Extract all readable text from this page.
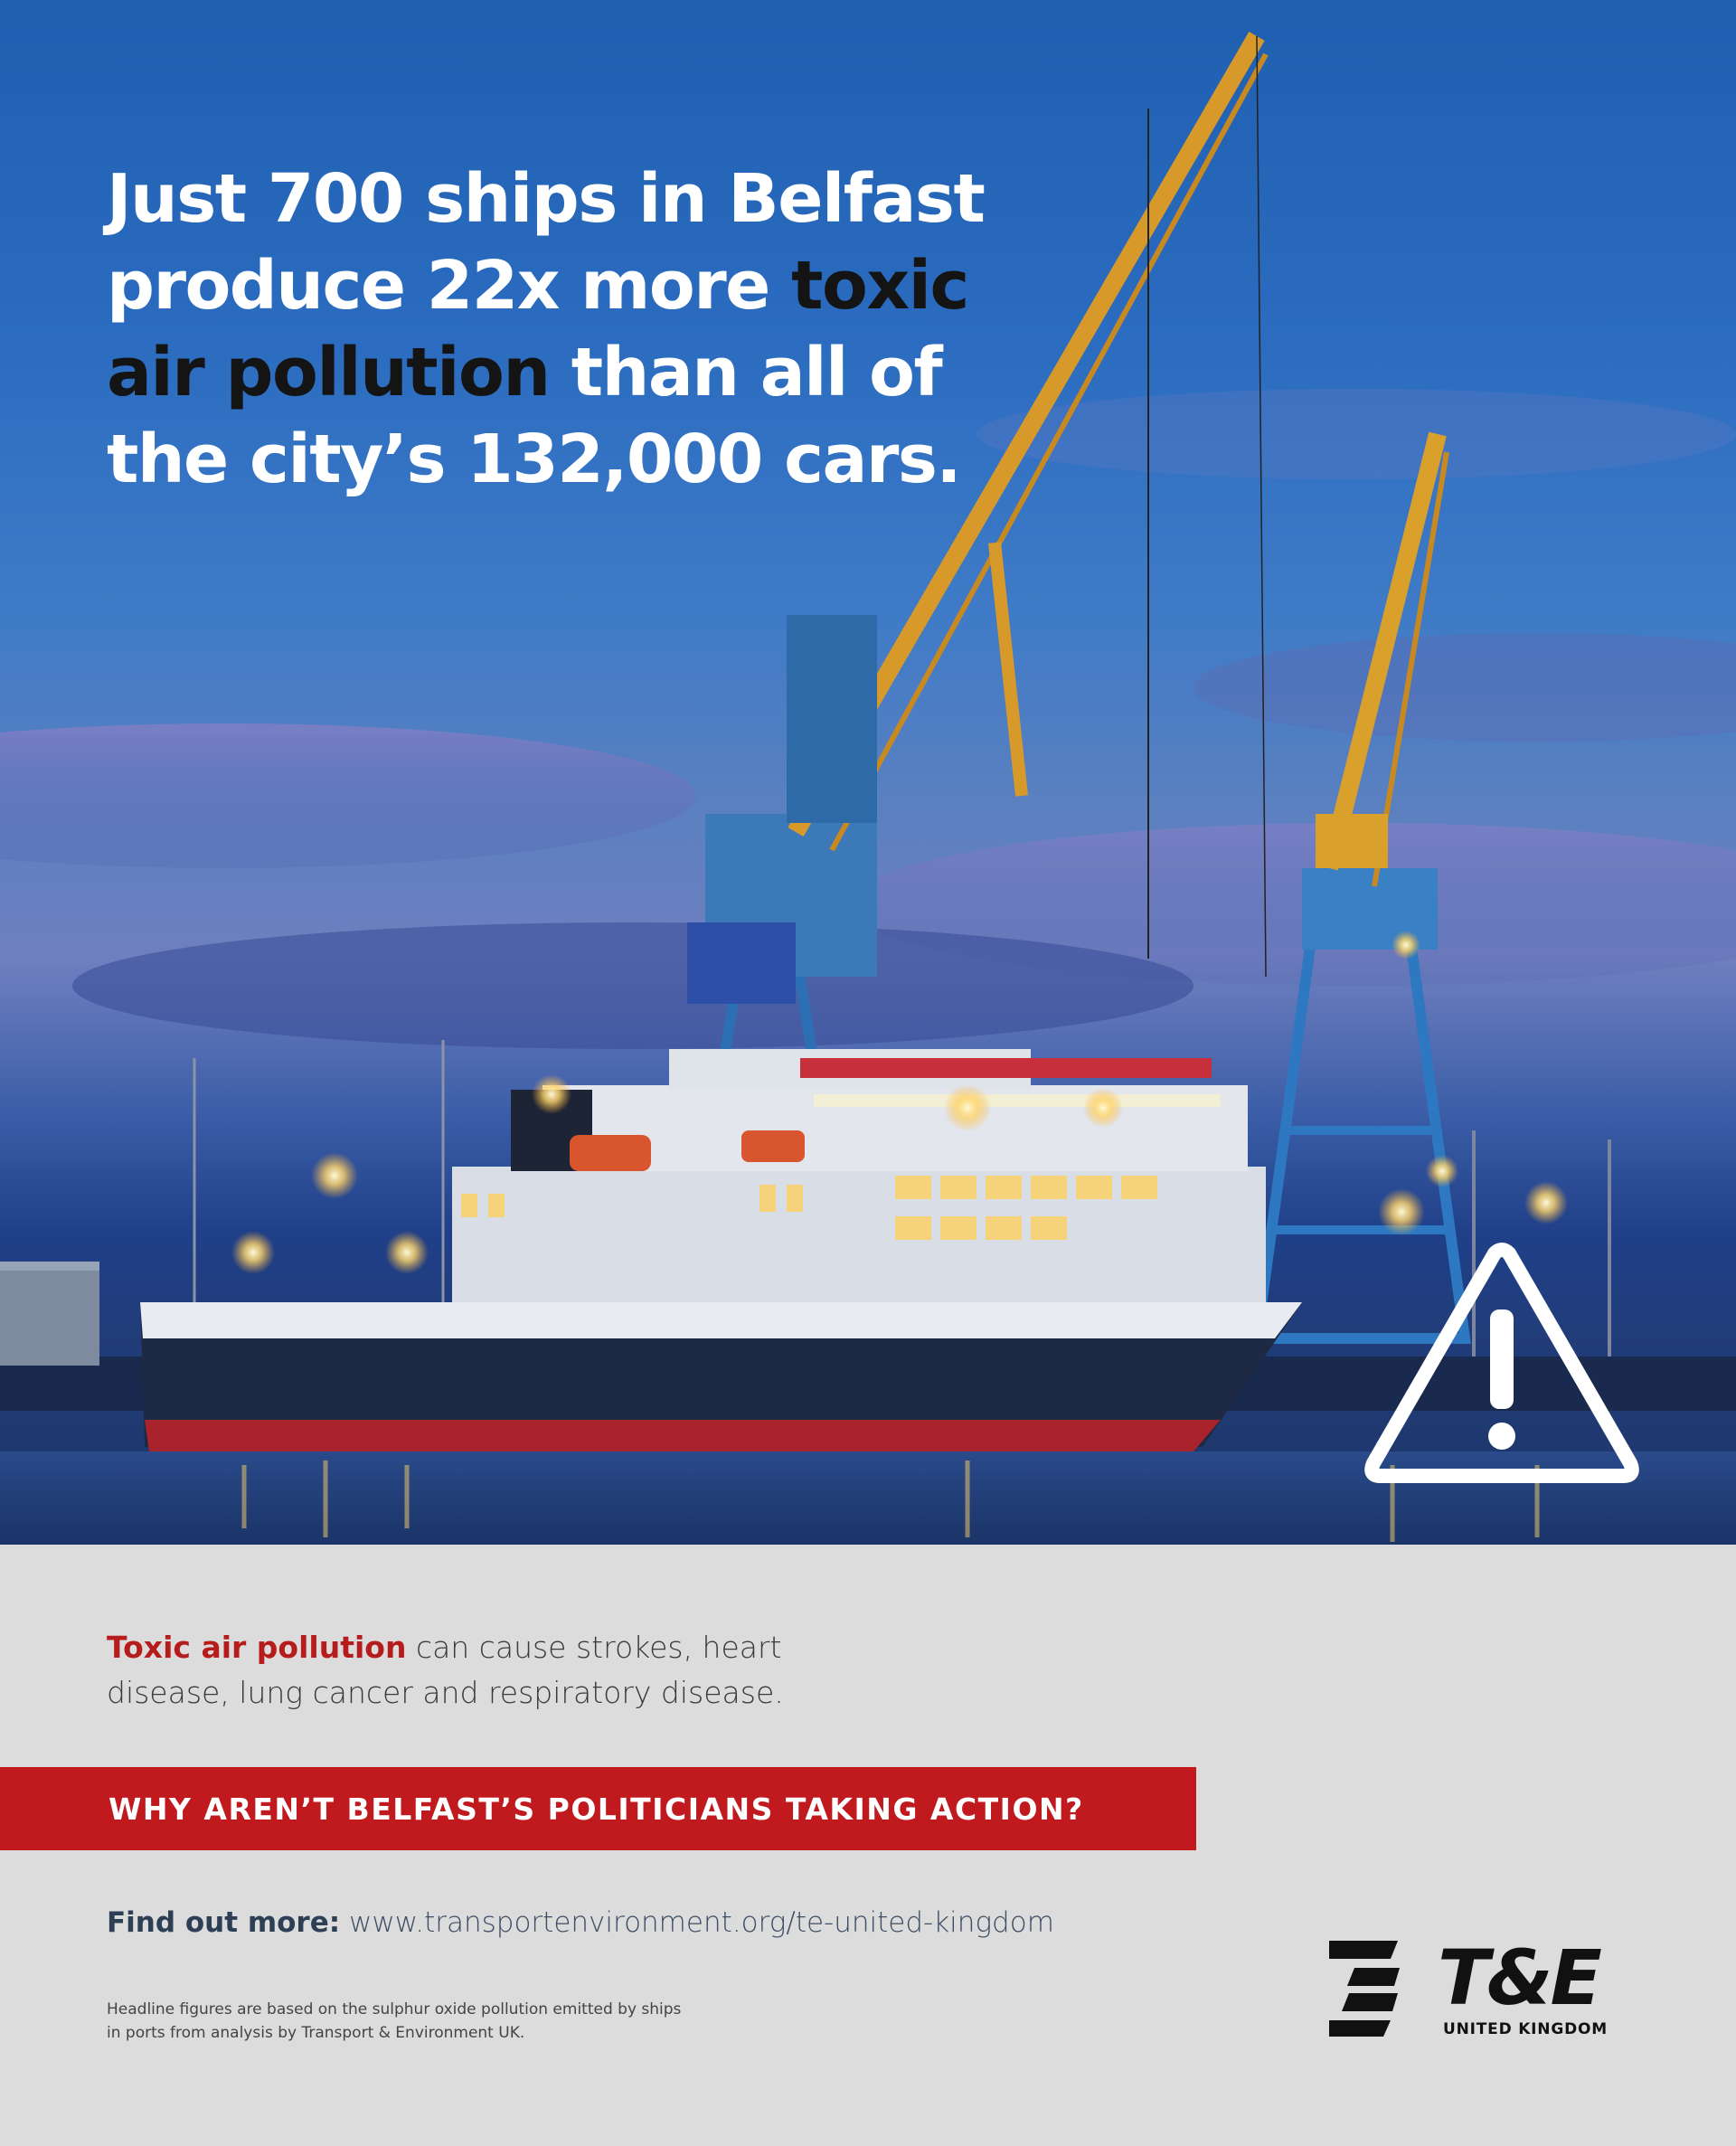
Just 700 ships in Belfast produce 22x more toxic air pollution than all of the city’s 132,000 cars.

Toxic air pollution can cause strokes, heart disease, lung cancer and respiratory disease.

WHY AREN’T BELFAST’S POLITICIANS TAKING ACTION?

Find out more: www.transportenvironment.org/te-united-kingdom

Headline figures are based on the sulphur oxide pollution emitted by ships in ports from analysis by Transport & Environment UK.

T&E
UNITED KINGDOM
